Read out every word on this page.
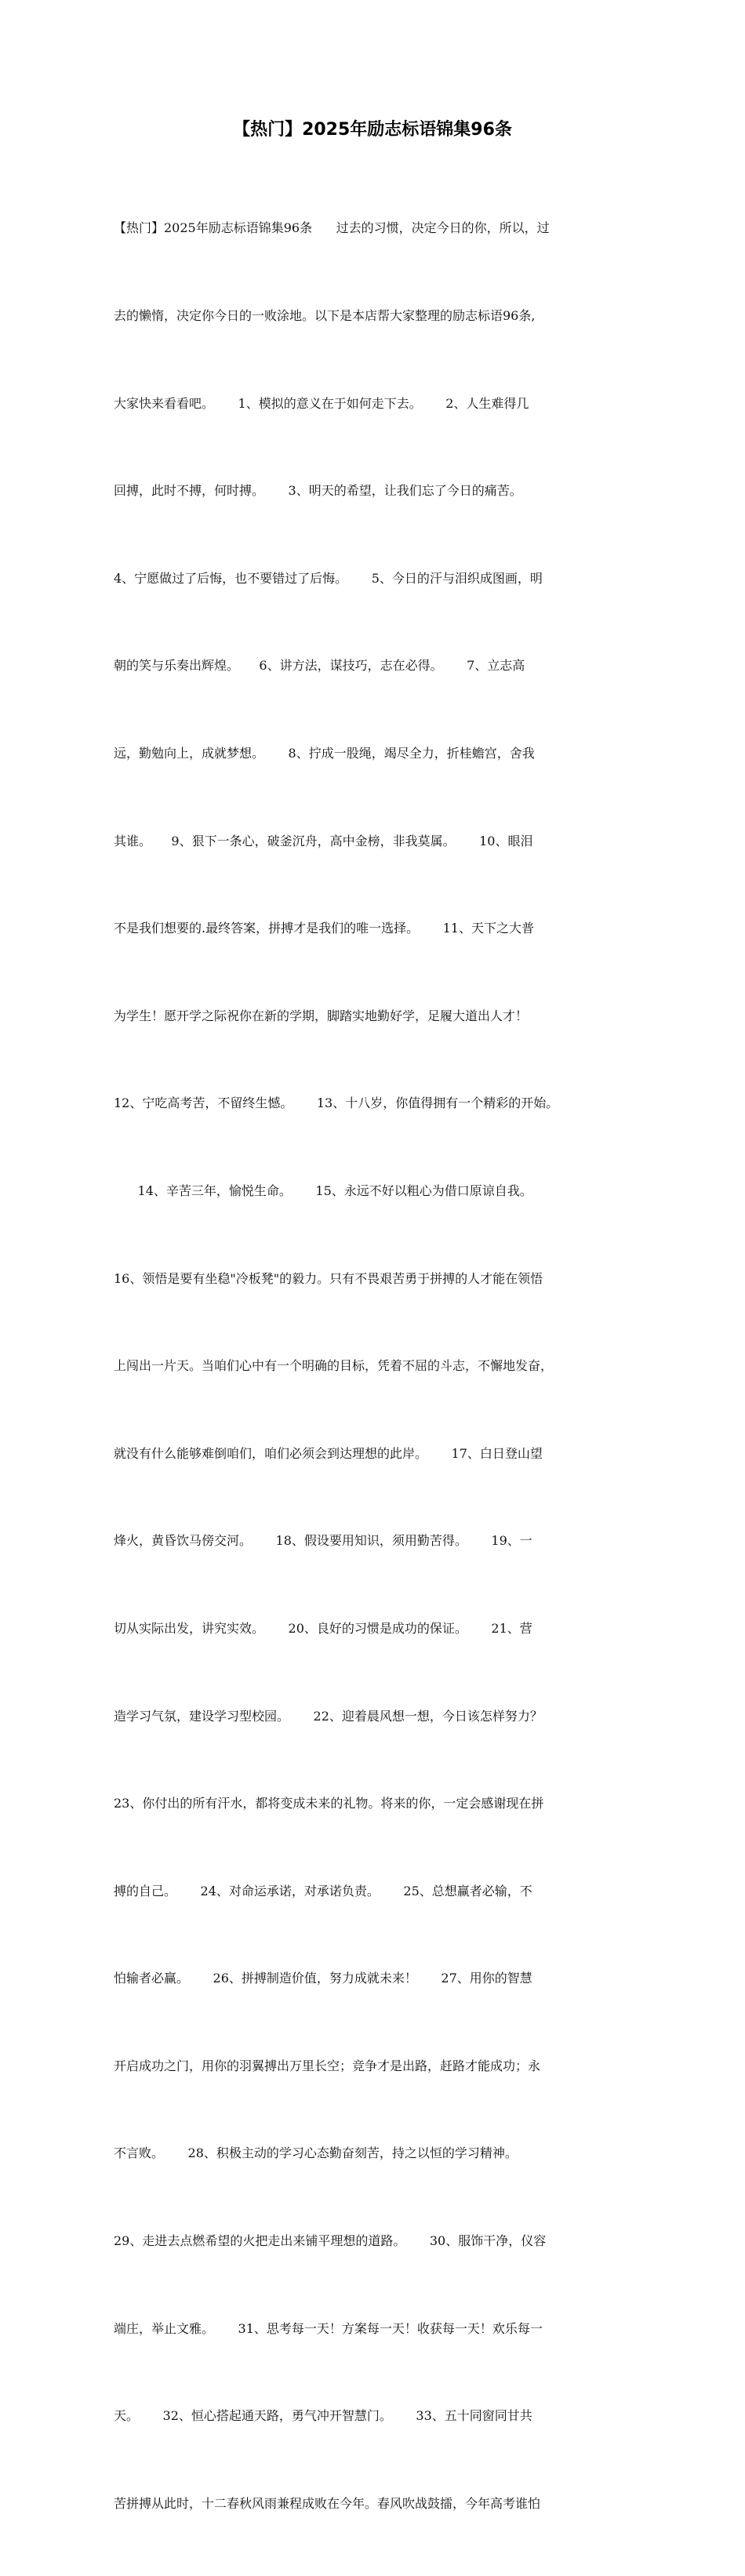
【热门】2025年励志标语锦集96条

【热门】2025年励志标语锦集96条      过去的习惯，决定今日的你，所以，过

去的懒惰，决定你今日的一败涂地。以下是本店帮大家整理的励志标语96条,

大家快来看看吧。      1、模拟的意义在于如何走下去。      2、人生难得几

回搏，此时不搏，何时搏。      3、明天的希望，让我们忘了今日的痛苦。

4、宁愿做过了后悔，也不要错过了后悔。      5、今日的汗与泪织成图画，明

朝的笑与乐奏出辉煌。     6、讲方法，谋技巧，志在必得。      7、立志高

远，勤勉向上，成就梦想。      8、拧成一股绳，竭尽全力，折桂蟾宫，舍我

其谁。     9、狠下一条心，破釜沉舟，高中金榜，非我莫属。      10、眼泪

不是我们想要的.最终答案，拼搏才是我们的唯一选择。      11、天下之大普

为学生！愿开学之际祝你在新的学期，脚踏实地勤好学，足履大道出人才！

12、宁吃高考苦，不留终生憾。      13、十八岁，你值得拥有一个精彩的开始。

14、辛苦三年，愉悦生命。      15、永远不好以粗心为借口原谅自我。

16、领悟是要有坐稳"冷板凳"的毅力。只有不畏艰苦勇于拼搏的人才能在领悟

上闯出一片天。当咱们心中有一个明确的目标，凭着不屈的斗志，不懈地发奋，

就没有什么能够难倒咱们，咱们必须会到达理想的此岸。      17、白日登山望

烽火，黄昏饮马傍交河。      18、假设要用知识，须用勤苦得。      19、一

切从实际出发，讲究实效。      20、良好的习惯是成功的保证。      21、营

造学习气氛，建设学习型校园。      22、迎着晨风想一想，今日该怎样努力？

23、你付出的所有汗水，都将变成未来的礼物。将来的你，一定会感谢现在拼

搏的自己。      24、对命运承诺，对承诺负责。      25、总想赢者必输，不

怕输者必赢。      26、拼搏制造价值，努力成就未来！      27、用你的智慧

开启成功之门，用你的羽翼搏出万里长空；竞争才是出路，赶路才能成功；永

不言败。      28、积极主动的学习心态勤奋刻苦，持之以恒的学习精神。

29、走进去点燃希望的火把走出来铺平理想的道路。      30、服饰干净，仪容

端庄，举止文雅。      31、思考每一天！方案每一天！收获每一天！欢乐每一

天。      32、恒心搭起通天路，勇气冲开智慧门。      33、五十同窗同甘共

苦拼搏从此时，十二春秋风雨兼程成败在今年。春风吹战鼓擂，今年高考谁怕
